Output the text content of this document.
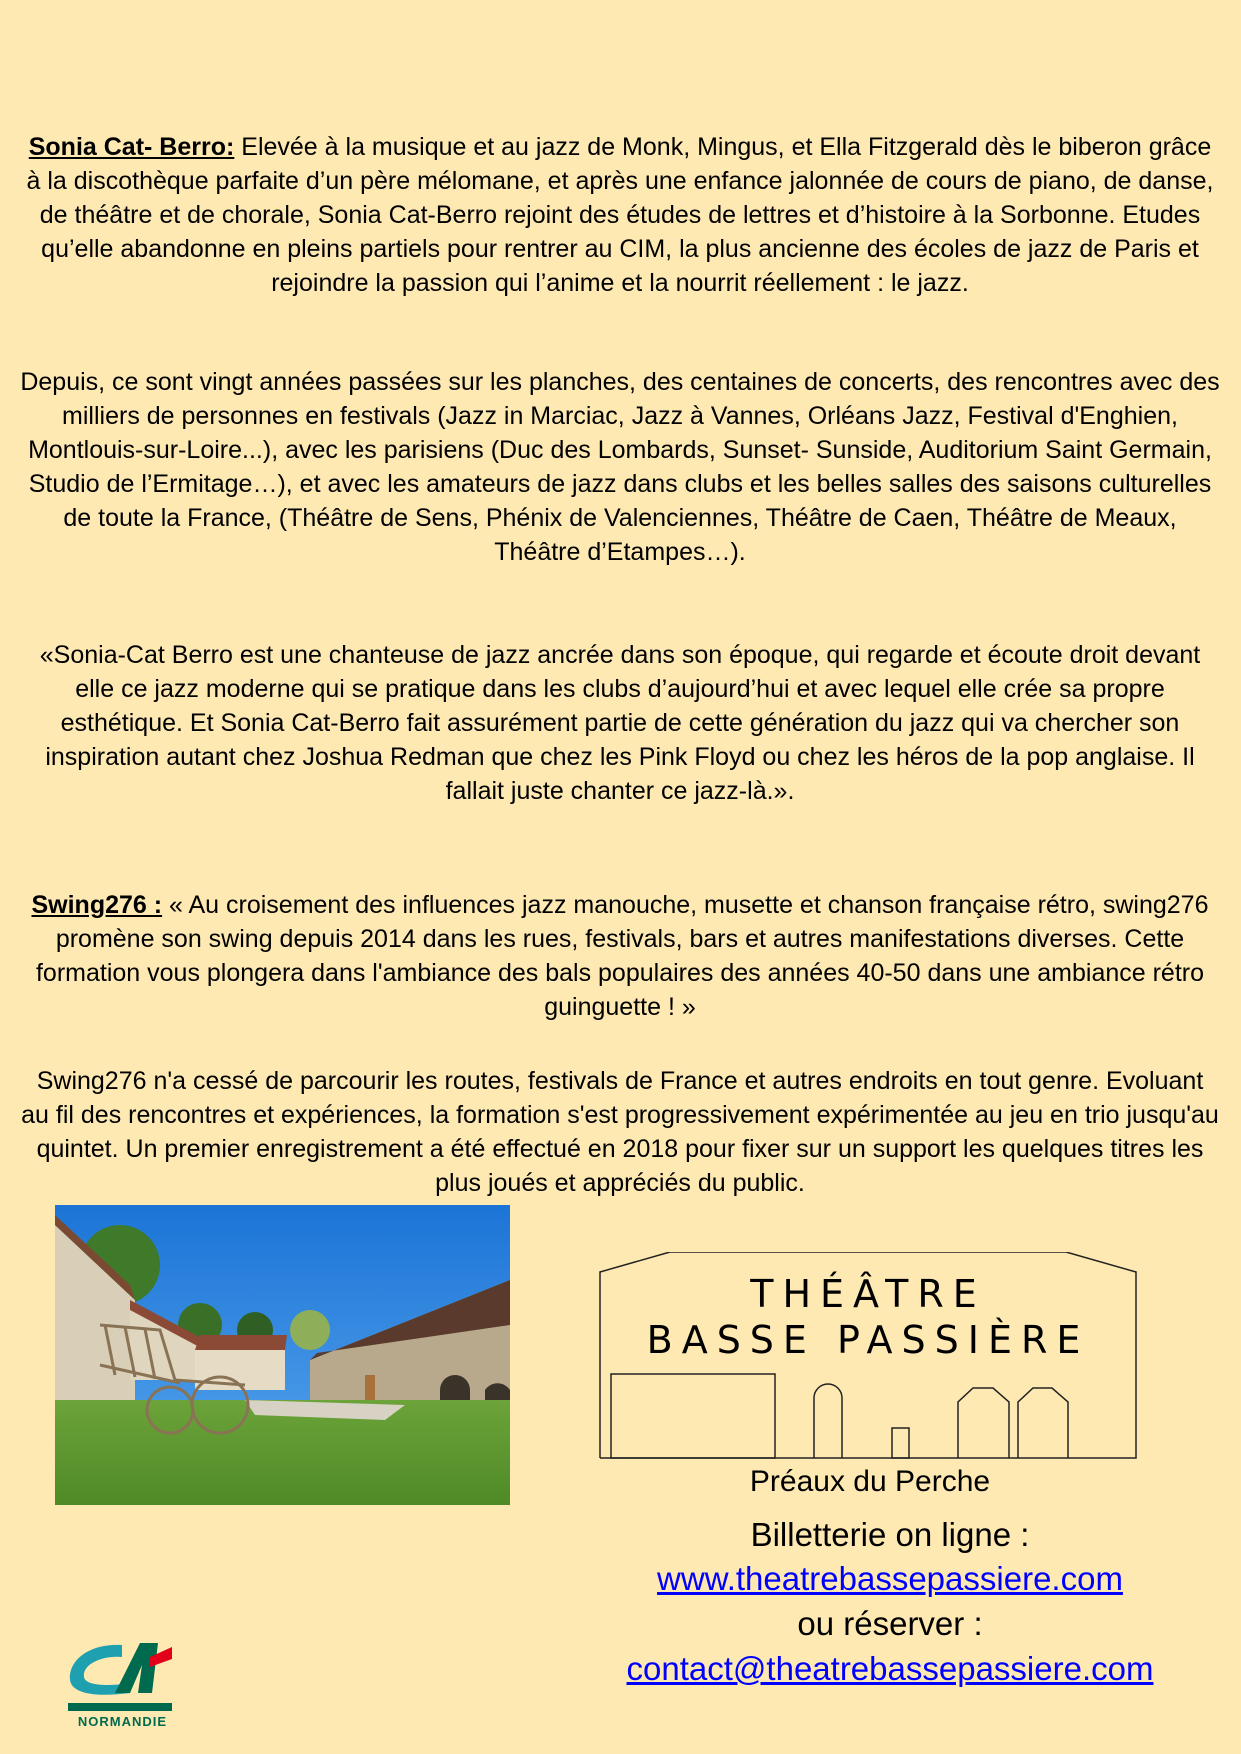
Sonia Cat- Berro: Elevée à la musique et au jazz de Monk, Mingus, et Ella Fitzgerald dès le biberon grâce à la discothèque parfaite d’un père mélomane, et après une enfance jalonnée de cours de piano, de danse, de théâtre et de chorale, Sonia Cat-Berro rejoint des études de lettres et d’histoire à la Sorbonne. Etudes qu’elle abandonne en pleins partiels pour rentrer au CIM, la plus ancienne des écoles de jazz de Paris et rejoindre la passion qui l’anime et la nourrit réellement : le jazz.

Depuis, ce sont vingt années passées sur les planches, des centaines de concerts, des rencontres avec des milliers de personnes en festivals (Jazz in Marciac, Jazz à Vannes, Orléans Jazz, Festival d'Enghien, Montlouis-sur-Loire...), avec les parisiens (Duc des Lombards, Sunset- Sunside, Auditorium Saint Germain, Studio de l’Ermitage…), et avec les amateurs de jazz dans clubs et les belles salles des saisons culturelles de toute la France, (Théâtre de Sens, Phénix de Valenciennes, Théâtre de Caen, Théâtre de Meaux, Théâtre d’Etampes…).

«Sonia-Cat Berro est une chanteuse de jazz ancrée dans son époque, qui regarde et écoute droit devant elle ce jazz moderne qui se pratique dans les clubs d’aujourd’hui et avec lequel elle crée sa propre esthétique. Et Sonia Cat-Berro fait assurément partie de cette génération du jazz qui va chercher son inspiration autant chez Joshua Redman que chez les Pink Floyd ou chez les héros de la pop anglaise. Il fallait juste chanter ce jazz-là.».

Swing276 : « Au croisement des influences jazz manouche, musette et chanson française rétro, swing276 promène son swing depuis 2014 dans les rues, festivals, bars et autres manifestations diverses. Cette formation vous plongera dans l'ambiance des bals populaires des années 40-50 dans une ambiance rétro guinguette ! »

Swing276 n'a cessé de parcourir les routes, festivals de France et autres endroits en tout genre. Evoluant au fil des rencontres et expériences, la formation s'est progressivement expérimentée au jeu en trio jusqu'au quintet. Un premier enregistrement a été effectué en 2018 pour fixer sur un support les quelques titres les plus joués et appréciés du public.

THÉÂTRE
BASSE PASSIÈRE
Préaux du Perche
Billetterie on ligne :
www.theatrebassepassiere.com
ou réserver :
contact@theatrebassepassiere.com
NORMANDIE
